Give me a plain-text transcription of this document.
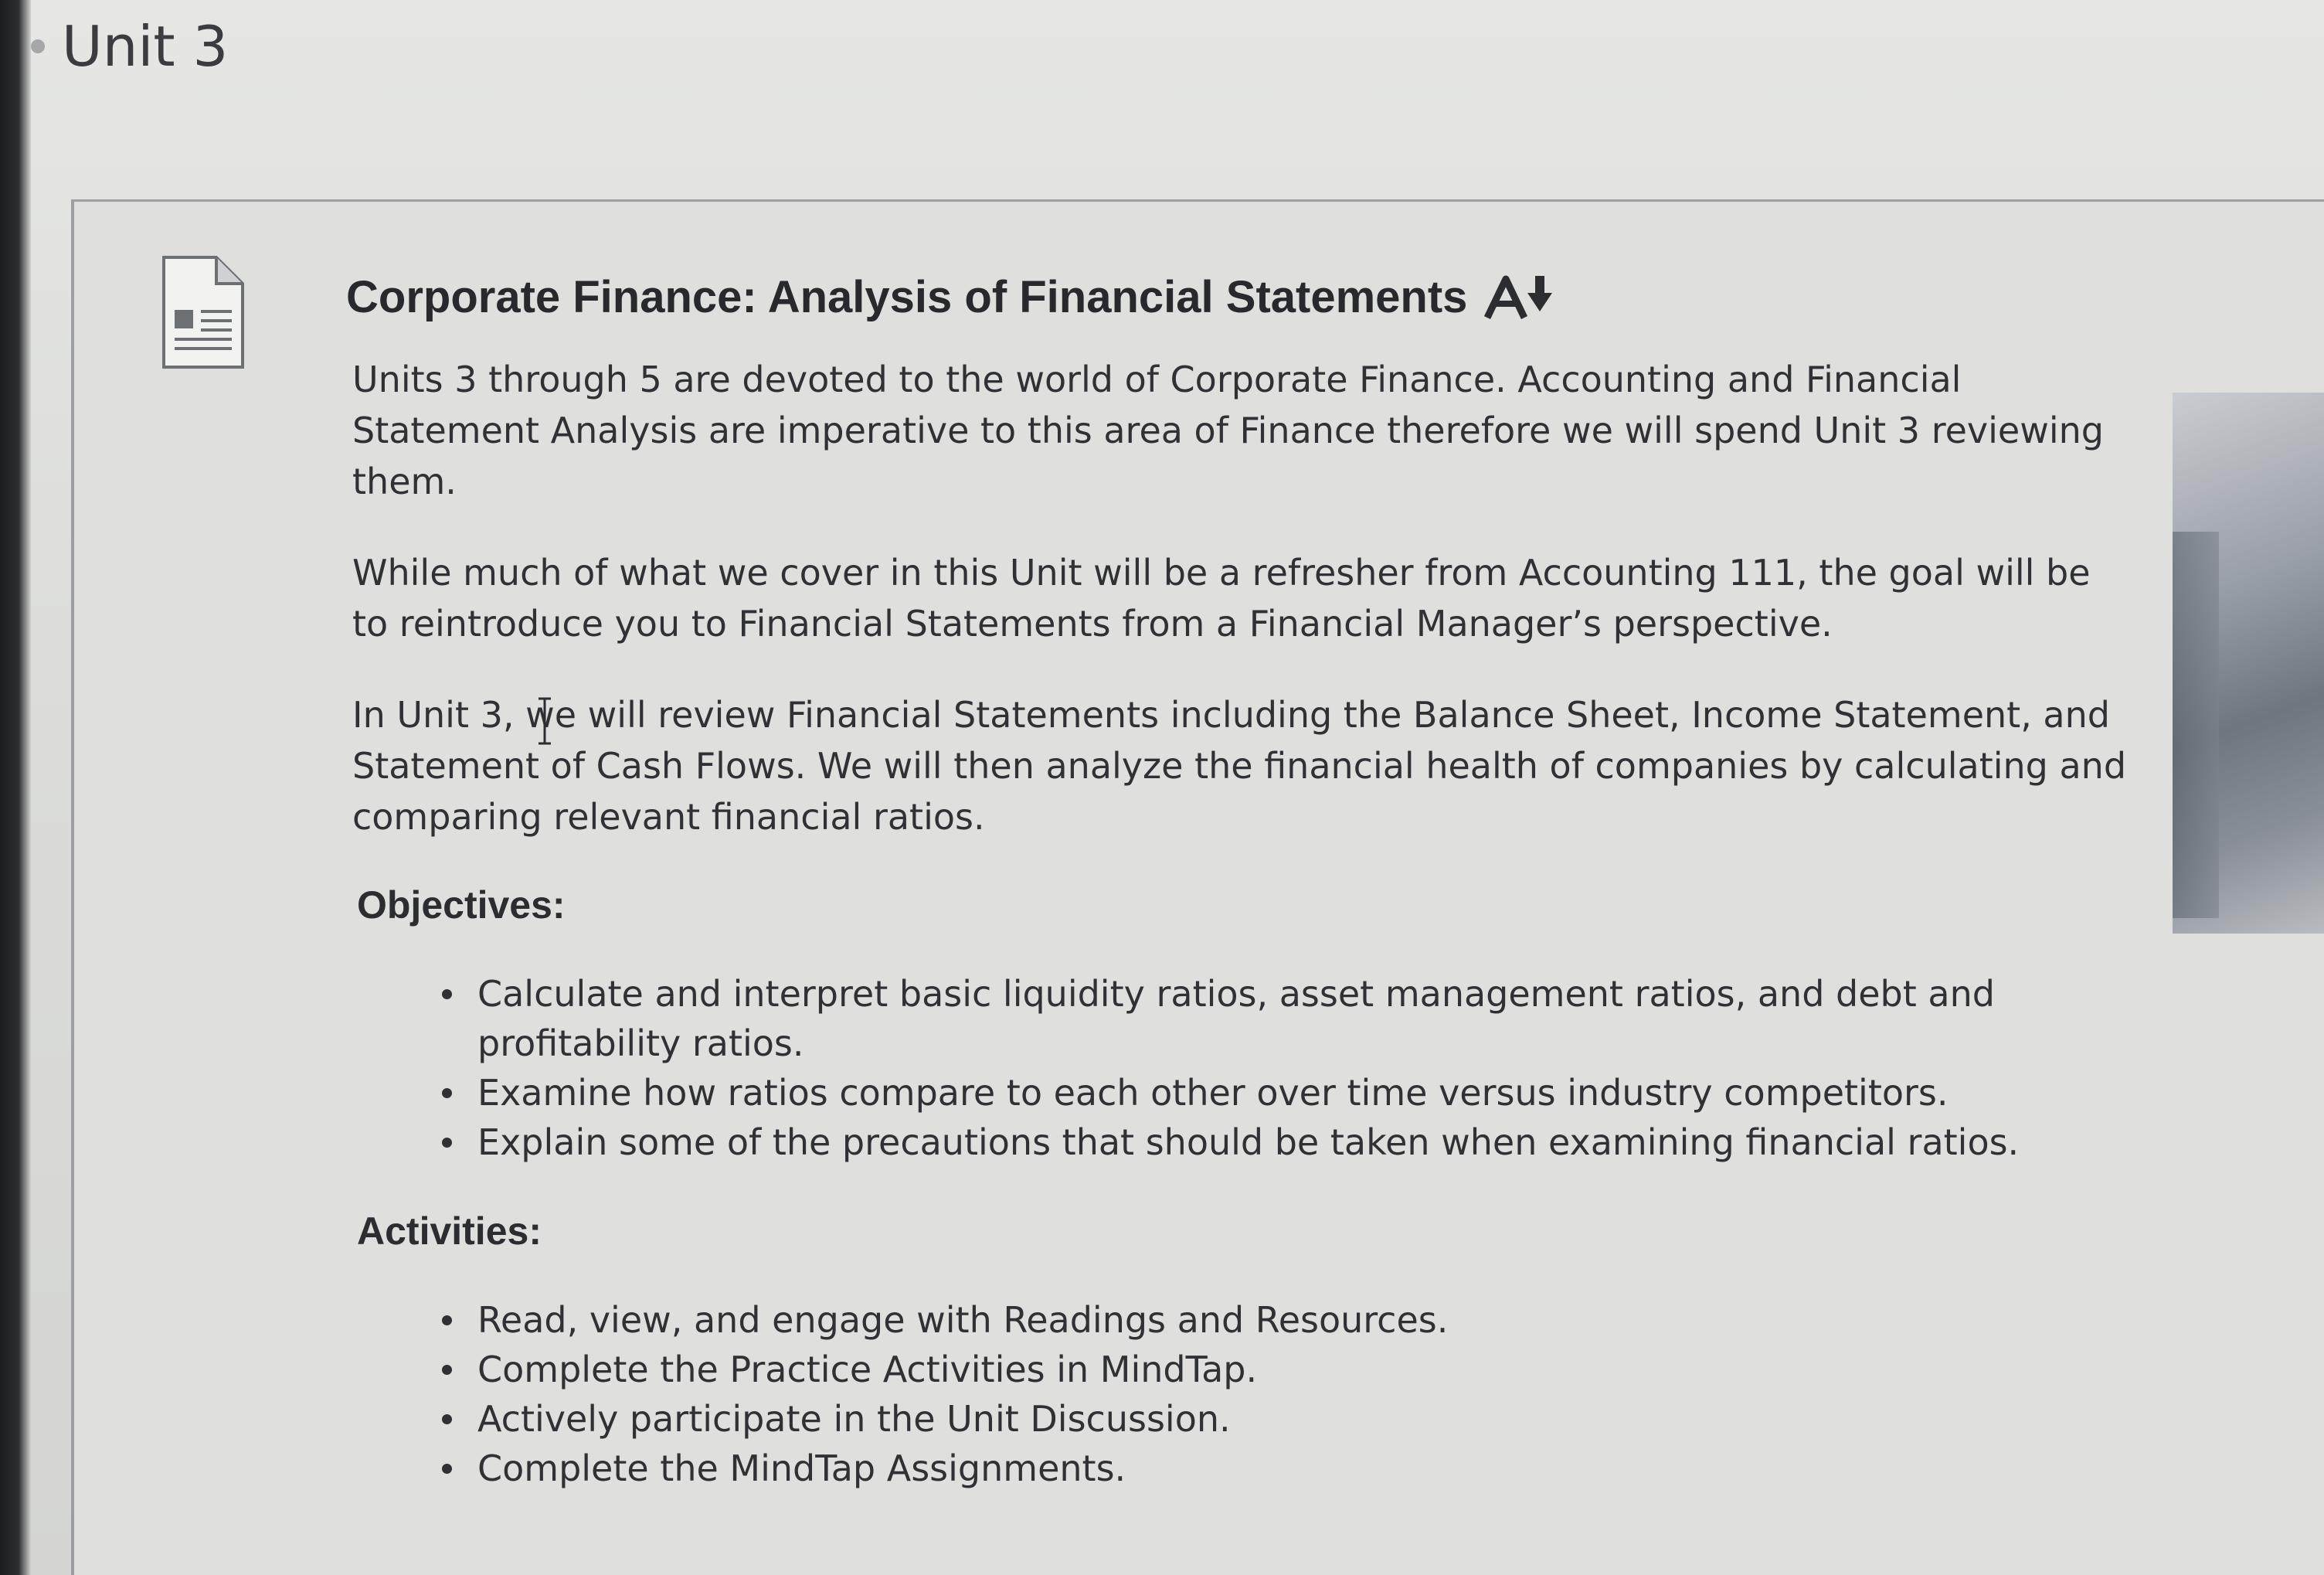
Unit 3
Corporate Finance: Analysis of Financial Statements

Units 3 through 5 are devoted to the world of Corporate Finance. Accounting and Financial Statement Analysis are imperative to this area of Finance therefore we will spend Unit 3 reviewing them.

While much of what we cover in this Unit will be a refresher from Accounting 111, the goal will be to reintroduce you to Financial Statements from a Financial Manager’s perspective.

In Unit 3, we will review Financial Statements including the Balance Sheet, Income Statement, and Statement of Cash Flows. We will then analyze the financial health of companies by calculating and comparing relevant financial ratios.

Objectives:
Calculate and interpret basic liquidity ratios, asset management ratios, and debt and profitability ratios.
Examine how ratios compare to each other over time versus industry competitors.
Explain some of the precautions that should be taken when examining financial ratios.
Activities:
Read, view, and engage with Readings and Resources.
Complete the Practice Activities in MindTap.
Actively participate in the Unit Discussion.
Complete the MindTap Assignments.
